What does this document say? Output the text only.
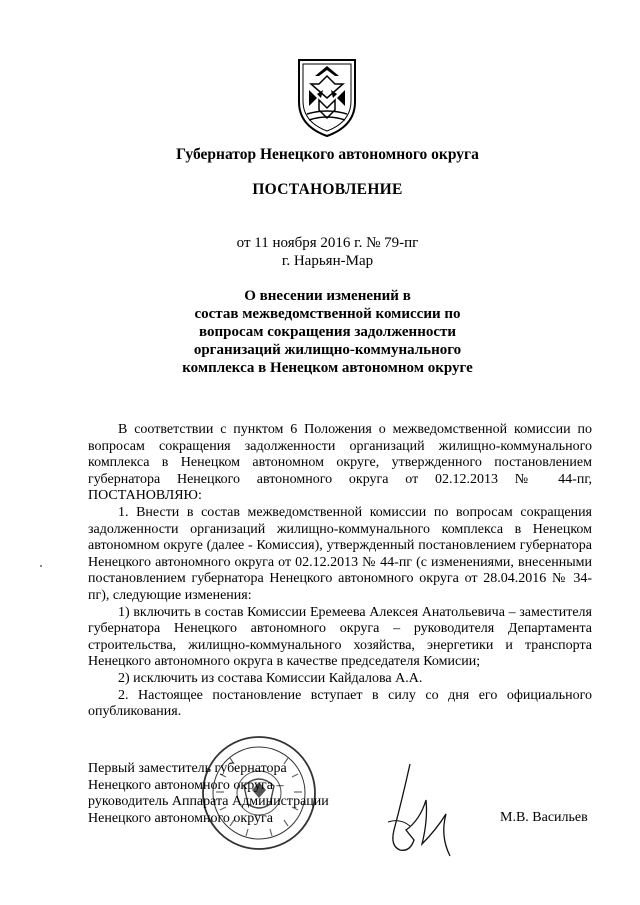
Губернатор Ненецкого автономного округа
ПОСТАНОВЛЕНИЕ
от 11 ноября 2016 г. № 79-пг
г. Нарьян-Мар
О внесении изменений в
состав межведомственной комиссии по
вопросам сокращения задолженности
организаций жилищно-коммунального
комплекса в Ненецком автономном округе

В соответствии с пунктом 6 Положения о межведомственной комиссии по вопросам сокращения задолженности организаций жилищно-коммунального комплекса в Ненецком автономном округе, утвержденного постановлением губернатора Ненецкого автономного округа от 02.12.2013 № 44-пг, ПОСТАНОВЛЯЮ:

1. Внести в состав межведомственной комиссии по вопросам сокращения задолженности организаций жилищно-коммунального комплекса в Ненецком автономном округе (далее - Комиссия), утвержденный постановлением губернатора Ненецкого автономного округа от 02.12.2013 № 44-пг (с изменениями, внесенными постановлением губернатора Ненецкого автономного округа от 28.04.2016 № 34-пг), следующие изменения:

1) включить в состав Комиссии Еремеева Алексея Анатольевича – заместителя губернатора Ненецкого автономного округа – руководителя Департамента строительства, жилищно-коммунального хозяйства, энергетики и транспорта Ненецкого автономного округа в качестве председателя Комисии;

2) исключить из состава Комиссии Кайдалова А.А.

2. Настоящее постановление вступает в силу со дня его официального опубликования.

Первый заместитель губернатора
Ненецкого автономного округа –
руководитель Аппарата Администрации
Ненецкого автономного округа	М.В. Васильев
